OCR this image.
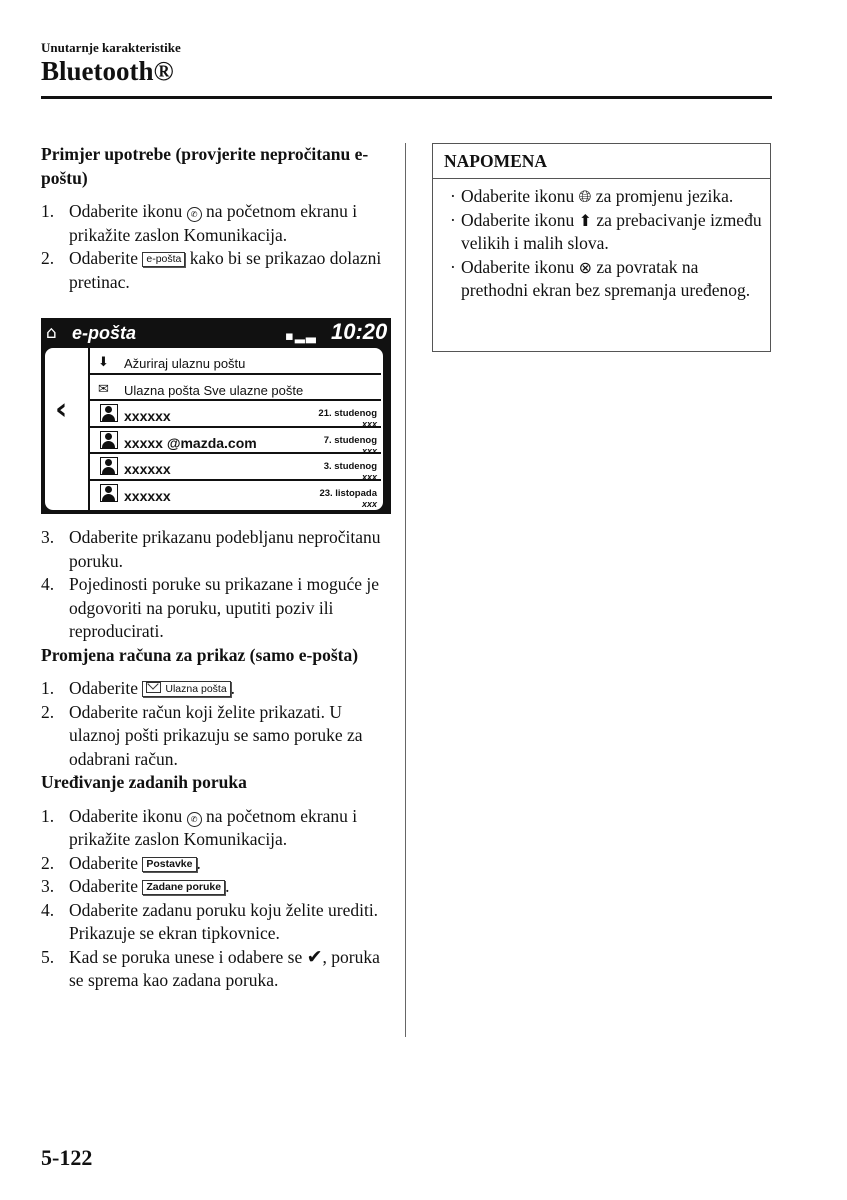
Unutarnje karakteristike
Bluetooth®
Primjer upotrebe (provjerite nepročitanu e-poštu)
1. Odaberite ikonu ✆ na početnom ekranu i prikažite zaslon Komunikacija.
2. Odaberite e-pošta kako bi se prikazao dolazni pretinac.
⌂ e-pošta	▪▂▃ 10:20
‹
⬇ Ažuriraj ulaznu poštu
✉ Ulazna pošta Sve ulazne pošte
xxxxxx	21. studenog
xxx
xxxxx @mazda.com	7. studenog
xxx
xxxxxx	3. studenog
xxx
xxxxxx	23. listopada
xxx
3. Odaberite prikazanu podebljanu nepročitanu poruku.
4. Pojedinosti poruke su prikazane i moguće je odgovoriti na poruku, uputiti poziv ili reproducirati.
Promjena računa za prikaz (samo e-pošta)
1. Odaberite	Ulazna pošta .
2. Odaberite račun koji želite prikazati. U ulaznoj pošti prikazuju se samo poruke za odabrani račun.
Uređivanje zadanih poruka
1. Odaberite ikonu ✆ na početnom ekranu i prikažite zaslon Komunikacija.
2. Odaberite Postavke .
3. Odaberite Zadane poruke .
4. Odaberite zadanu poruku koju želite urediti. Prikazuje se ekran tipkovnice.
5. Kad se poruka unese i odabere se ✔, poruka se sprema kao zadana poruka.
NAPOMENA
· Odaberite ikonu 🌐︎ za promjenu jezika.
· Odaberite ikonu ⬆ za prebacivanje između velikih i malih slova.
· Odaberite ikonu ⊗ za povratak na prethodni ekran bez spremanja uređenog.
5-122
